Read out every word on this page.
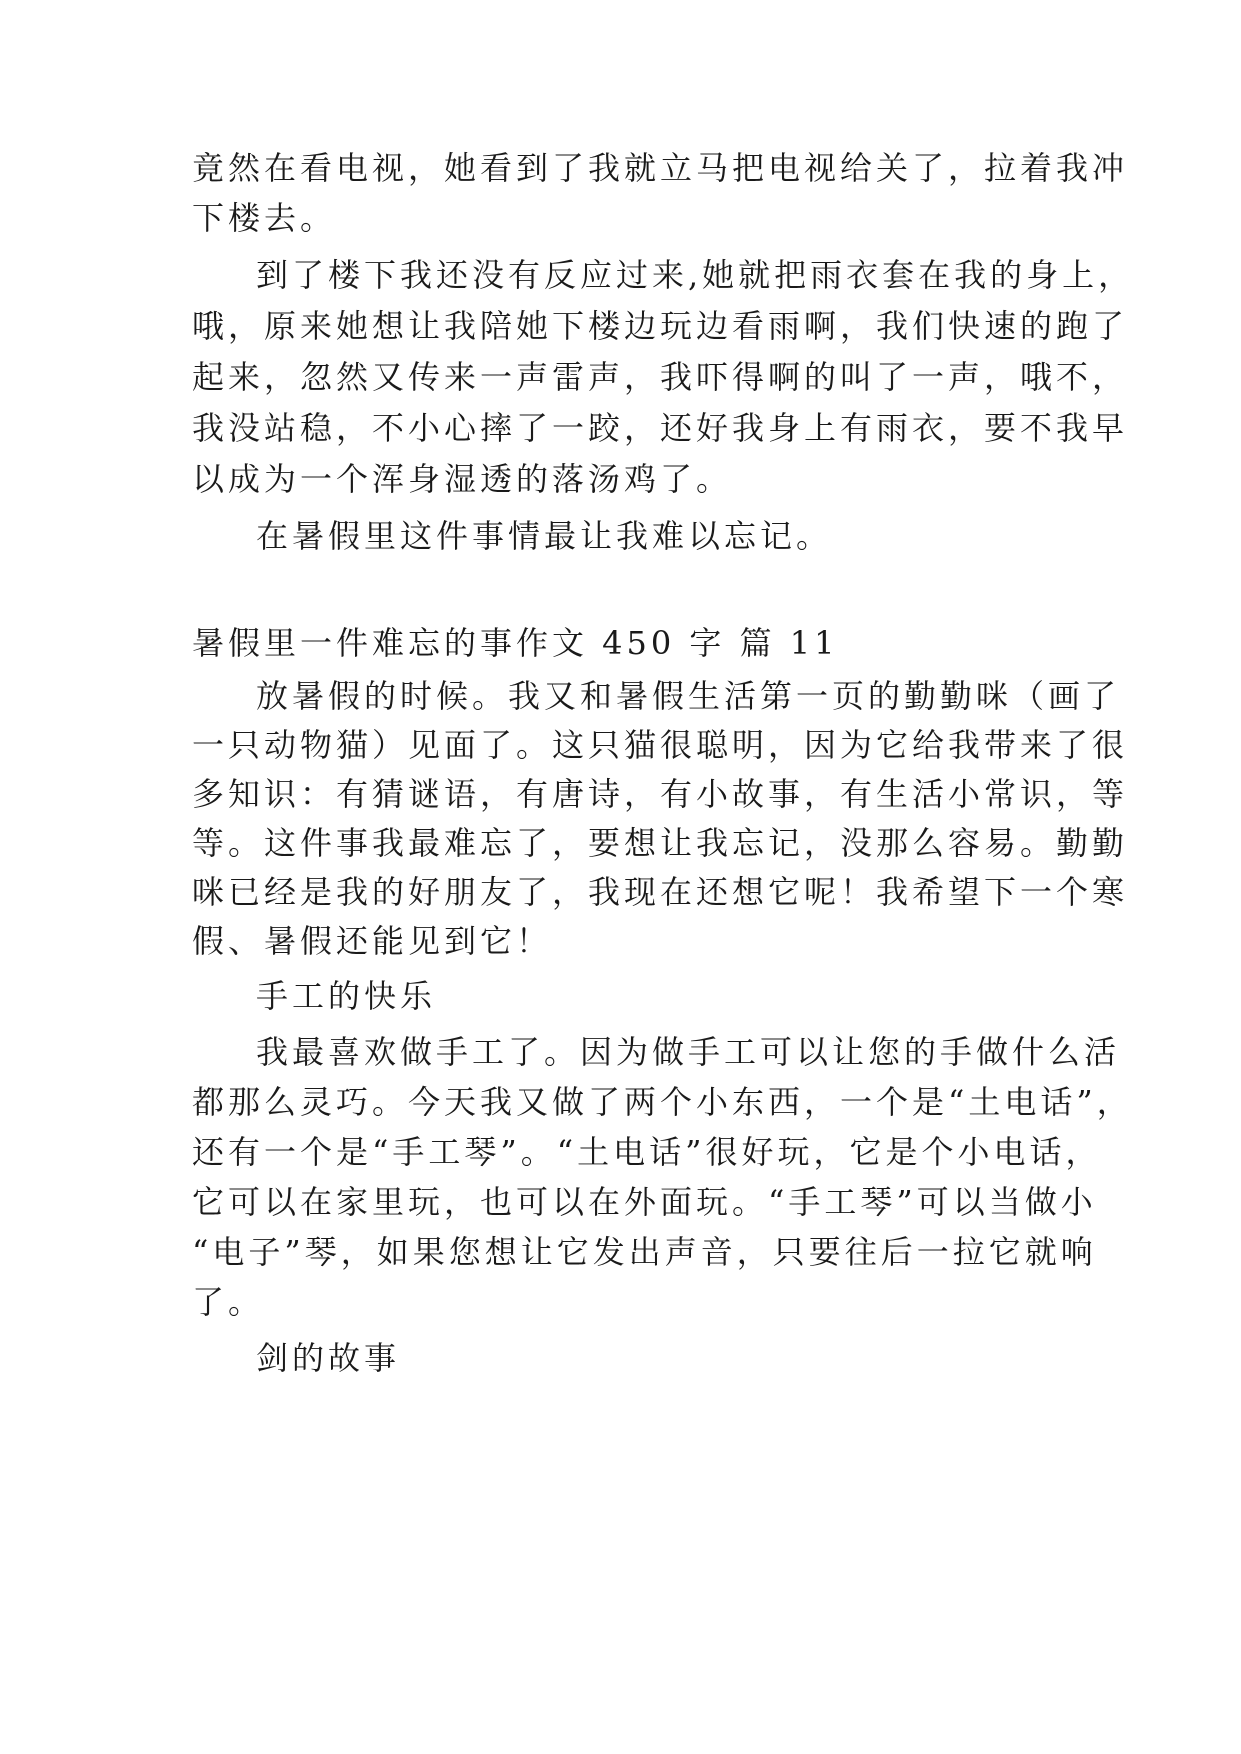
竟然在看电视，她看到了我就立马把电视给关了，拉着我冲
下楼去。
到了楼下我还没有反应过来,她就把雨衣套在我的身上，
哦，原来她想让我陪她下楼边玩边看雨啊，我们快速的跑了
起来，忽然又传来一声雷声，我吓得啊的叫了一声，哦不，
我没站稳，不小心摔了一跤，还好我身上有雨衣，要不我早
以成为一个浑身湿透的落汤鸡了。
在暑假里这件事情最让我难以忘记。
暑假里一件难忘的事作文 450 字 篇 11
放暑假的时候。我又和暑假生活第一页的勤勤咪（画了
一只动物猫）见面了。这只猫很聪明，因为它给我带来了很
多知识：有猜谜语，有唐诗，有小故事，有生活小常识，等
等。这件事我最难忘了，要想让我忘记，没那么容易。勤勤
咪已经是我的好朋友了，我现在还想它呢！我希望下一个寒
假、暑假还能见到它！
手工的快乐
我最喜欢做手工了。因为做手工可以让您的手做什么活
都那么灵巧。今天我又做了两个小东西，一个是“土电话”，
还有一个是“手工琴”。“土电话”很好玩，它是个小电话，
它可以在家里玩，也可以在外面玩。“手工琴”可以当做小
“电子”琴，如果您想让它发出声音，只要往后一拉它就响
了。
剑的故事
